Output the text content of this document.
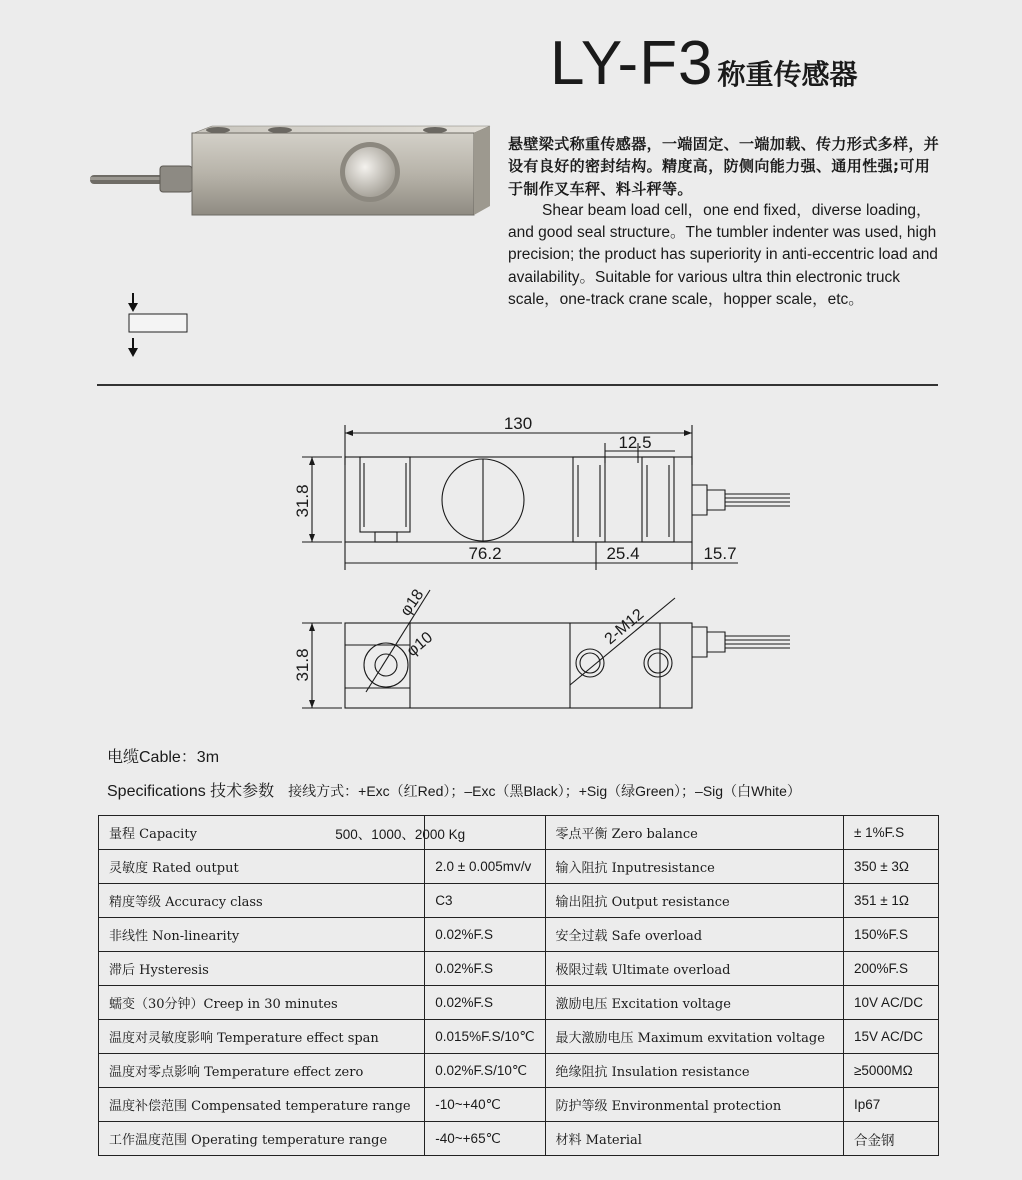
LY-F3 称重传感器

悬壁梁式称重传感器，一端固定、一端加载、传力形式多样，并设有良好的密封结构。精度高，防侧向能力强、通用性强;可用于制作叉车秤、料斗秤等。

Shear beam load cell，one end fixed，diverse loading，and good seal structure。The tumbler indenter was used, high precision; the product has superiority in anti-eccentric load and availability。Suitable for various ultra thin electronic truck scale，one-track crane scale，hopper scale，etc。

130
12.5
31.8
76.2	25.4	15.7
31.8
φ18
φ10	2-M12
电缆Cable：3m
Specifications 技术参数 接线方式：+Exc（红Red）；–Exc（黑Black）；+Sig（绿Green）；–Sig（白White）
量程 Capacity	500、1000、2000 Kg	零点平衡 Zero balance	± 1%F.S
灵敏度 Rated output	2.0 ± 0.005mv/v	输入阻抗 Inputresistance	350 ± 3Ω
精度等级 Accuracy class	C3	输出阻抗 Output resistance	351 ± 1Ω
非线性 Non-linearity	0.02%F.S	安全过载 Safe overload	150%F.S
滞后 Hysteresis	0.02%F.S	极限过载 Ultimate overload	200%F.S
蠕变（30分钟）Creep in 30 minutes	0.02%F.S	激励电压 Excitation voltage	10V AC/DC
温度对灵敏度影响 Temperature effect span	0.015%F.S/10℃	最大激励电压 Maximum exvitation voltage	15V AC/DC
温度对零点影响 Temperature effect zero	0.02%F.S/10℃	绝缘阻抗 Insulation resistance	≥5000MΩ
温度补偿范围 Compensated temperature range	-10~+40℃	防护等级 Environmental protection	Ip67
工作温度范围 Operating temperature range	-40~+65℃	材料 Material	合金钢
